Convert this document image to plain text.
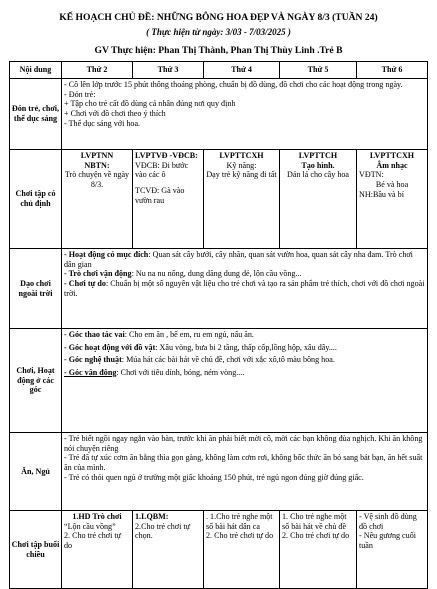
KẾ HOẠCH CHỦ ĐỀ: NHỮNG BÔNG HOA ĐẸP VÀ NGÀY 8/3 (TUẦN 24)
( Thực hiện từ ngày: 3/03 - 7/03/2025 )
GV Thực hiện: Phan Thị Thành, Phan Thị Thùy Linh .Trẻ B
Nội dung	Thứ 2	Thứ 3	Thứ 4	Thứ 5	Thứ 6
Đón trẻ, chơi, thể dục sáng	- Cô lên lớp trước 15 phút thông thoáng phòng, chuẩn bị đồ dùng, đồ chơi cho các hoạt động trong ngày.
- Đón trẻ:
+ Tập cho trẻ cất đồ dùng cá nhân đúng nơi quy định
+ Chơi với đồ chơi theo ý thích
- Thể dục sáng với hoa.				

Chơi tập có chủ định	LVPTNN
NBTN:
Trò chuyện về ngày 8/3.	LVPTVĐ -VĐCB:
VĐCB: Đi bước vào các ô
TCVĐ: Gà vào vườn rau	LVPTTCXH
Kỹ năng:
Dạy trẻ kỹ năng đi tất	LVPTTCH
Tạo hình.
Dán lá cho cây hoa	LVPTTCXH
Âm nhạc
VĐTN:
Bé và hoa
NH:Bầu và bí

Dạo chơi ngoài trời	- Hoạt động có mục đích: Quan sát cây bưởi, cây nhãn, quan sát vườn hoa, quan sát cây nha đam. Trò chơi dân gian
- Trò chơi vận động: Nu na nu nống, dung dăng dung dẻ, lộn cầu vồng...
- Chơi tự do: Chuẩn bị một số nguyên vật liệu cho trẻ chơi và tạo ra sản phẩm trẻ thích, chơi với đồ chơi ngoài trời.				

Chơi, Hoạt động ở các góc	- Góc thao tác vai: Cho em ăn , bế em, ru em ngủ, nấu ăn.
- Góc hoạt động với đồ vật: Xâu vòng, bưa bi 2 tầng, thấp cốp,lồng hộp, xâu dây....
- Góc nghệ thuật: Múa hát các bài hát về chủ đề, chơi với xắc xô,tô màu bông hoa.
- Góc vận động: Chơi với tiêu dính, bóng, ném vòng....				

Ăn, Ngủ	- Trẻ biết ngồi ngay ngắn vào bàn, trước khi ăn phải biết mời cô, mời các bạn không đùa nghịch. Khi ăn không nói chuyện riêng
- Trẻ đã tự xúc cơm ăn bằng thìa gọn gàng, không làm cơm rơi, không bốc thức ăn bỏ sang bát bạn, ăn hết suất ăn của mình.
- Trẻ có thói quen ngủ ở trường một giấc khoảng 150 phút, trẻ ngủ ngon đúng giờ đúng giấc.				

Chơi tập buổi chiều	1.HD Trò chơi
“Lộn cầu vồng”
2. Cho trẻ chơi tự do	1.LQBM:
2.Cho trẻ chơi tự chọn.	. 1.Cho trẻ nghe một số bài hát dân ca
2. Cho trẻ chơi tự do	1. Cho trẻ nghe một số bài hát về chủ đề
2. Cho trẻ chơi tự do	- Vệ sinh đồ dùng đồ chơi
- Nêu gương cuối tuần
